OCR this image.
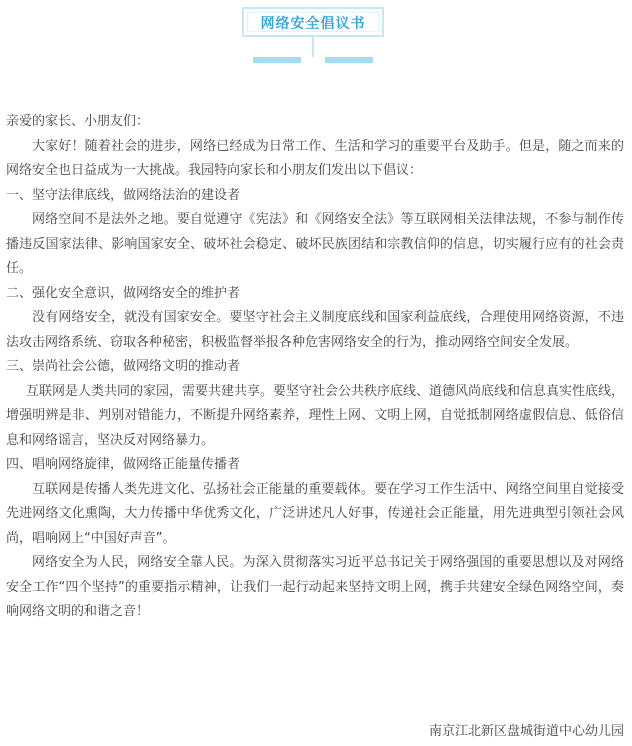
网络安全倡议书

亲爱的家长、小朋友们：

大家好！随着社会的进步，网络已经成为日常工作、生活和学习的重要平台及助手。但是，随之而来的网络安全也日益成为一大挑战。我园特向家长和小朋友们发出以下倡议：

一、坚守法律底线，做网络法治的建设者

网络空间不是法外之地。要自觉遵守《宪法》和《网络安全法》等互联网相关法律法规，不参与制作传播违反国家法律、影响国家安全、破坏社会稳定、破坏民族团结和宗教信仰的信息，切实履行应有的社会责任。

二、强化安全意识，做网络安全的维护者

没有网络安全，就没有国家安全。要坚守社会主义制度底线和国家利益底线，合理使用网络资源，不违法攻击网络系统、窃取各种秘密，积极监督举报各种危害网络安全的行为，推动网络空间安全发展。

三、崇尚社会公德，做网络文明的推动者

互联网是人类共同的家园，需要共建共享。要坚守社会公共秩序底线、道德风尚底线和信息真实性底线，增强明辨是非、判别对错能力，不断提升网络素养，理性上网、文明上网，自觉抵制网络虚假信息、低俗信息和网络谣言，坚决反对网络暴力。

四、唱响网络旋律，做网络正能量传播者

互联网是传播人类先进文化、弘扬社会正能量的重要载体。要在学习工作生活中、网络空间里自觉接受先进网络文化熏陶，大力传播中华优秀文化，广泛讲述凡人好事，传递社会正能量，用先进典型引领社会风尚，唱响网上“中国好声音”。

网络安全为人民，网络安全靠人民。为深入贯彻落实习近平总书记关于网络强国的重要思想以及对网络安全工作“四个坚持”的重要指示精神，让我们一起行动起来坚持文明上网，携手共建安全绿色网络空间，奏响网络文明的和谐之音！

南京江北新区盘城街道中心幼儿园
